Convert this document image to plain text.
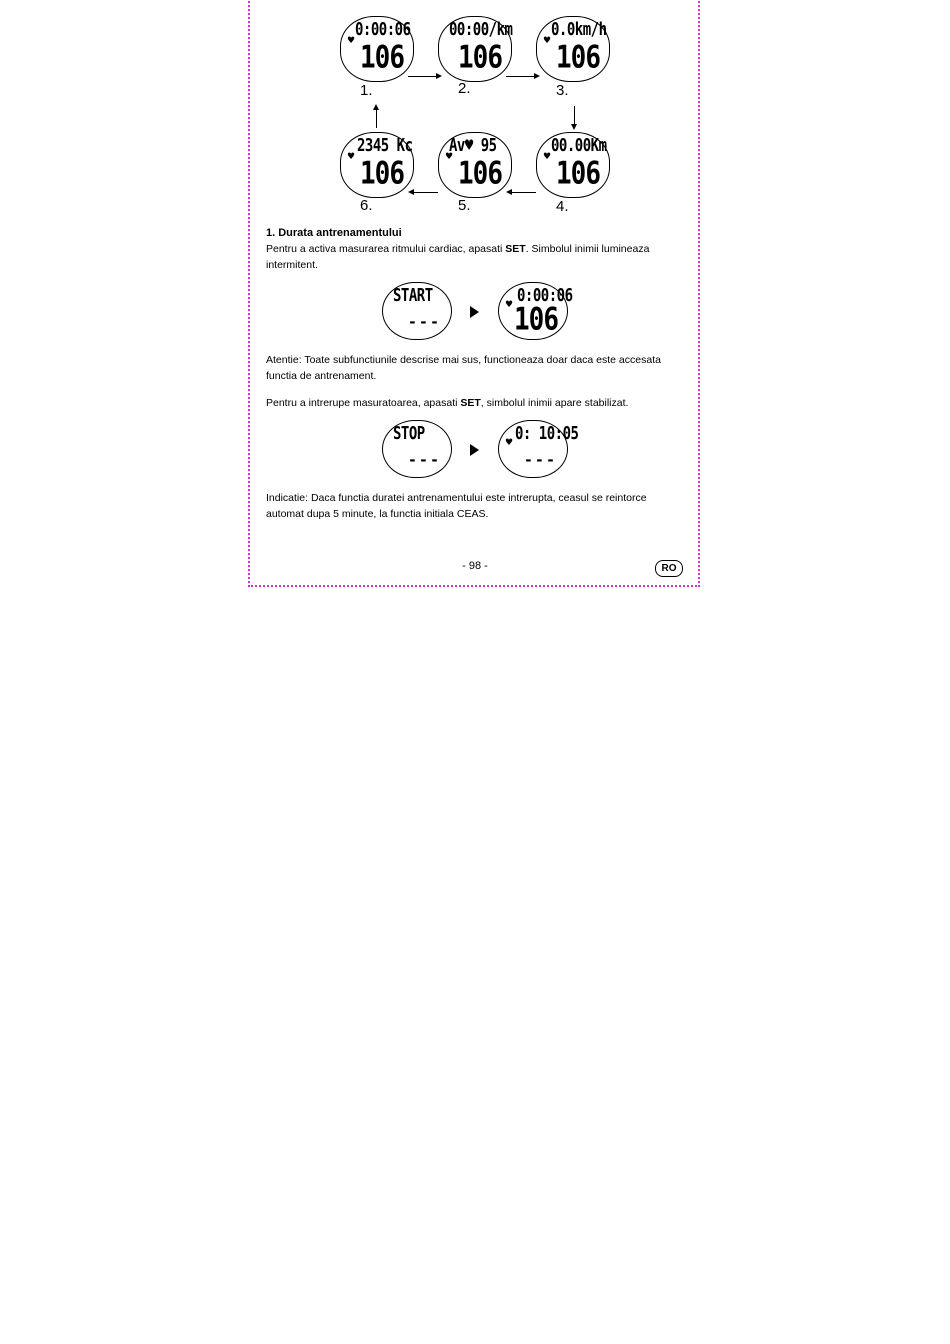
0:00:06
♥ 106
00:00/km
106
0.0km/h
♥ 106
1.	2.	3.
2345 Kc
♥ 106
Av♥ 95
♥ 106
00.00Km
♥ 106
6.	5.	4.
1. Durata antrenamentului
Pentru a activa masurarea ritmului cardiac, apasati SET. Simbolul inimii lumineaza intermitent.
START
---
0:00:06
♥ 106
Atentie: Toate subfunctiunile descrise mai sus, functioneaza doar daca este accesata functia de antrenament.
Pentru a intrerupe masuratoarea, apasati SET, simbolul inimii apare stabilizat.
STOP
---
0: 10:05
♥
---
Indicatie: Daca functia duratei antrenamentului este intrerupta, ceasul se reintorce automat dupa 5 minute, la functia initiala CEAS.
- 98 -	RO
